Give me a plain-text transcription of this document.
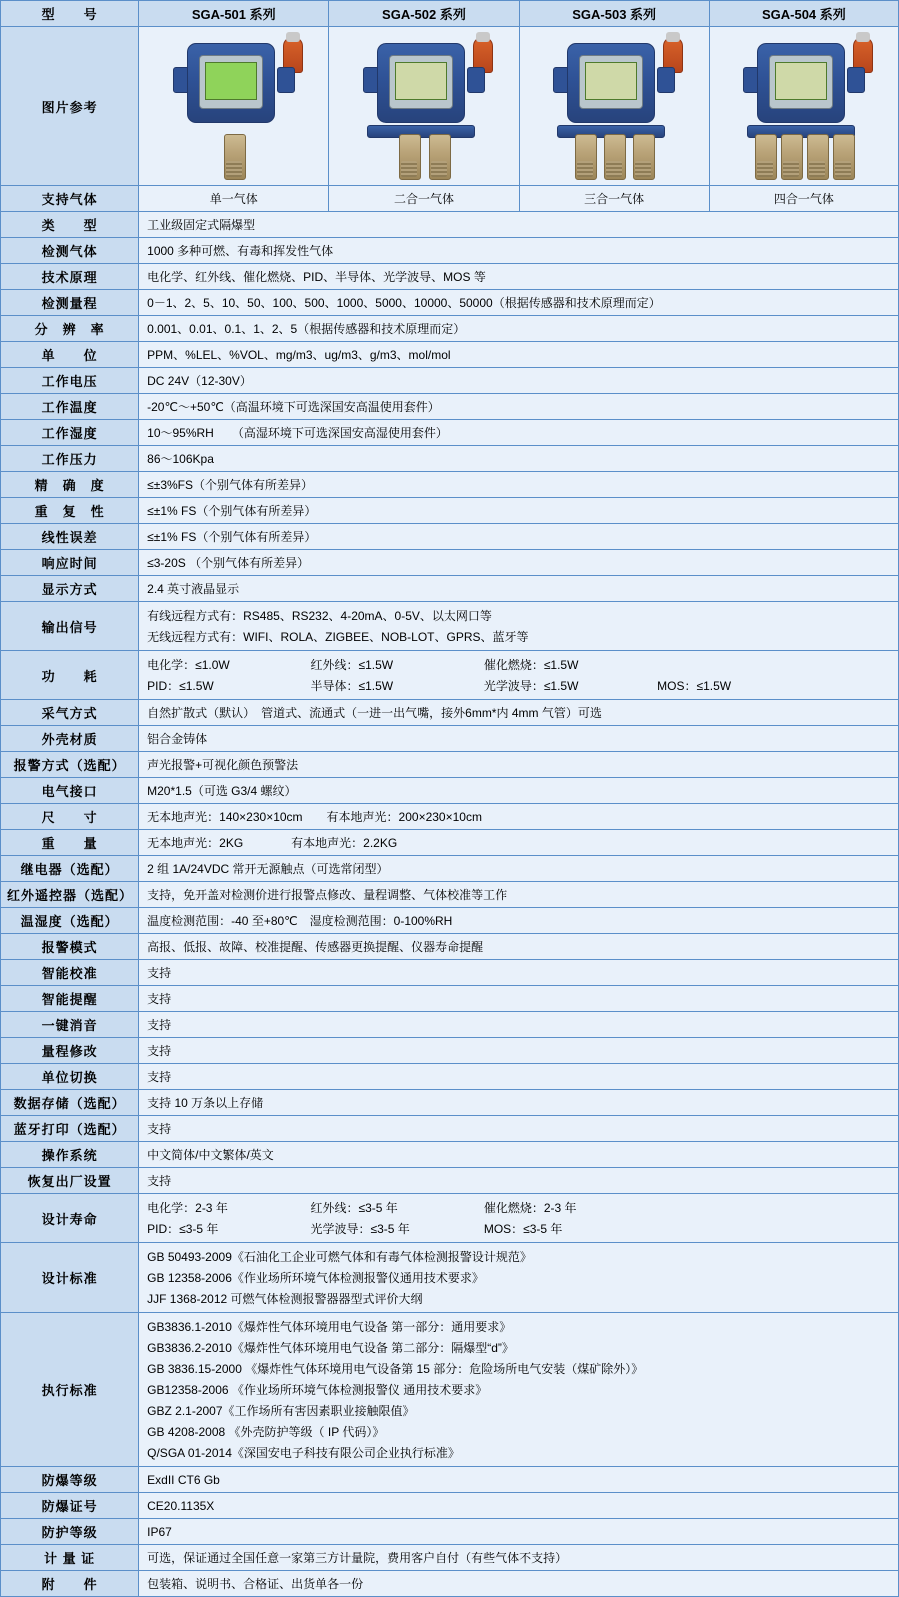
型　　号	SGA-501 系列	SGA-502 系列	SGA-503 系列	SGA-504 系列
图片参考	

支持气体	单一气体	二合一气体	三合一气体	四合一气体
类　　型	工业级固定式隔爆型			
检测气体	1000 多种可燃、有毒和挥发性气体			
技术原理	电化学、红外线、催化燃烧、PID、半导体、光学波导、MOS 等			
检测量程	0－1、2、5、10、50、100、500、1000、5000、10000、50000（根据传感器和技术原理而定）			
分　辨　率	0.001、0.01、0.1、1、2、5（根据传感器和技术原理而定）			
单　　位	PPM、%LEL、%VOL、mg/m3、ug/m3、g/m3、mol/mol			
工作电压	DC 24V（12-30V）			
工作温度	-20℃～+50℃（高温环境下可选深国安高温使用套件）			
工作湿度	10～95%RH　　（高湿环境下可选深国安高湿使用套件）			
工作压力	86～106Kpa			
精　确　度	≤±3%FS（个别气体有所差异）			
重　复　性	≤±1% FS（个别气体有所差异）			
线性误差	≤±1% FS（个别气体有所差异）			
响应时间	≤3-20S （个别气体有所差异）			
显示方式	2.4 英寸液晶显示			
输出信号	有线远程方式有：RS485、RS232、4-20mA、0-5V、以太网口等
无线远程方式有：WIFI、ROLA、ZIGBEE、NOB-LOT、GPRS、蓝牙等			

功　　耗	电化学：≤1.0W 红外线：≤1.5W 催化燃烧：≤1.5W
PID：≤1.5W 半导体：≤1.5W 光学波导：≤1.5W MOS：≤1.5W			

采气方式	自然扩散式（默认）　管道式、流通式（一进一出气嘴，接外6mm*内 4mm 气管）可选			
外壳材质	铝合金铸体			
报警方式（选配）	声光报警+可视化颜色预警法			
电气接口	M20*1.5（可选 G3/4 螺纹）			
尺　　寸	无本地声光：140×230×10cm　　有本地声光：200×230×10cm			
重　　量	无本地声光：2KG　　　　有本地声光：2.2KG			
继电器（选配）	2 组 1A/24VDC 常开无源触点（可选常闭型）			
红外遥控器（选配）	支持，免开盖对检测价进行报警点修改、量程调整、气体校准等工作			
温湿度（选配）	温度检测范围：-40 至+80℃　湿度检测范围：0-100%RH			
报警模式	高报、低报、故障、校准提醒、传感器更换提醒、仪器寿命提醒			
智能校准	支持			
智能提醒	支持			
一键消音	支持			
量程修改	支持			
单位切换	支持			
数据存储（选配）	支持 10 万条以上存储			
蓝牙打印（选配）	支持			
操作系统	中文简体/中文繁体/英文			
恢复出厂设置	支持			
设计寿命	电化学：2-3 年 红外线：≤3-5 年 催化燃烧：2-3 年
PID：≤3-5 年 光学波导：≤3-5 年 MOS：≤3-5 年			

设计标准	GB 50493-2009《石油化工企业可燃气体和有毒气体检测报警设计规范》
GB 12358-2006《作业场所环境气体检测报警仪通用技术要求》
JJF 1368-2012 可燃气体检测报警器器型式评价大纲			

执行标准	
GB3836.1-2010《爆炸性气体环境用电气设备 第一部分：通用要求》
GB3836.2-2010《爆炸性气体环境用电气设备 第二部分：隔爆型“d”》
GB 3836.15-2000 《爆炸性气体环境用电气设备第 15 部分：危险场所电气安装（煤矿除外）》
GB12358-2006 《作业场所环境气体检测报警仪 通用技术要求》
GBZ 2.1-2007《工作场所有害因素职业接触限值》
GB 4208-2008 《外壳防护等级（ IP 代码）》
Q/SGA 01-2014《深国安电子科技有限公司企业执行标准》

防爆等级	ExdII CT6 Gb			
防爆证号	CE20.1135X			
防护等级	IP67			
计 量 证	可选，保证通过全国任意一家第三方计量院，费用客户自付（有些气体不支持）			
附　　件	包装箱、说明书、合格证、出货单各一份			
